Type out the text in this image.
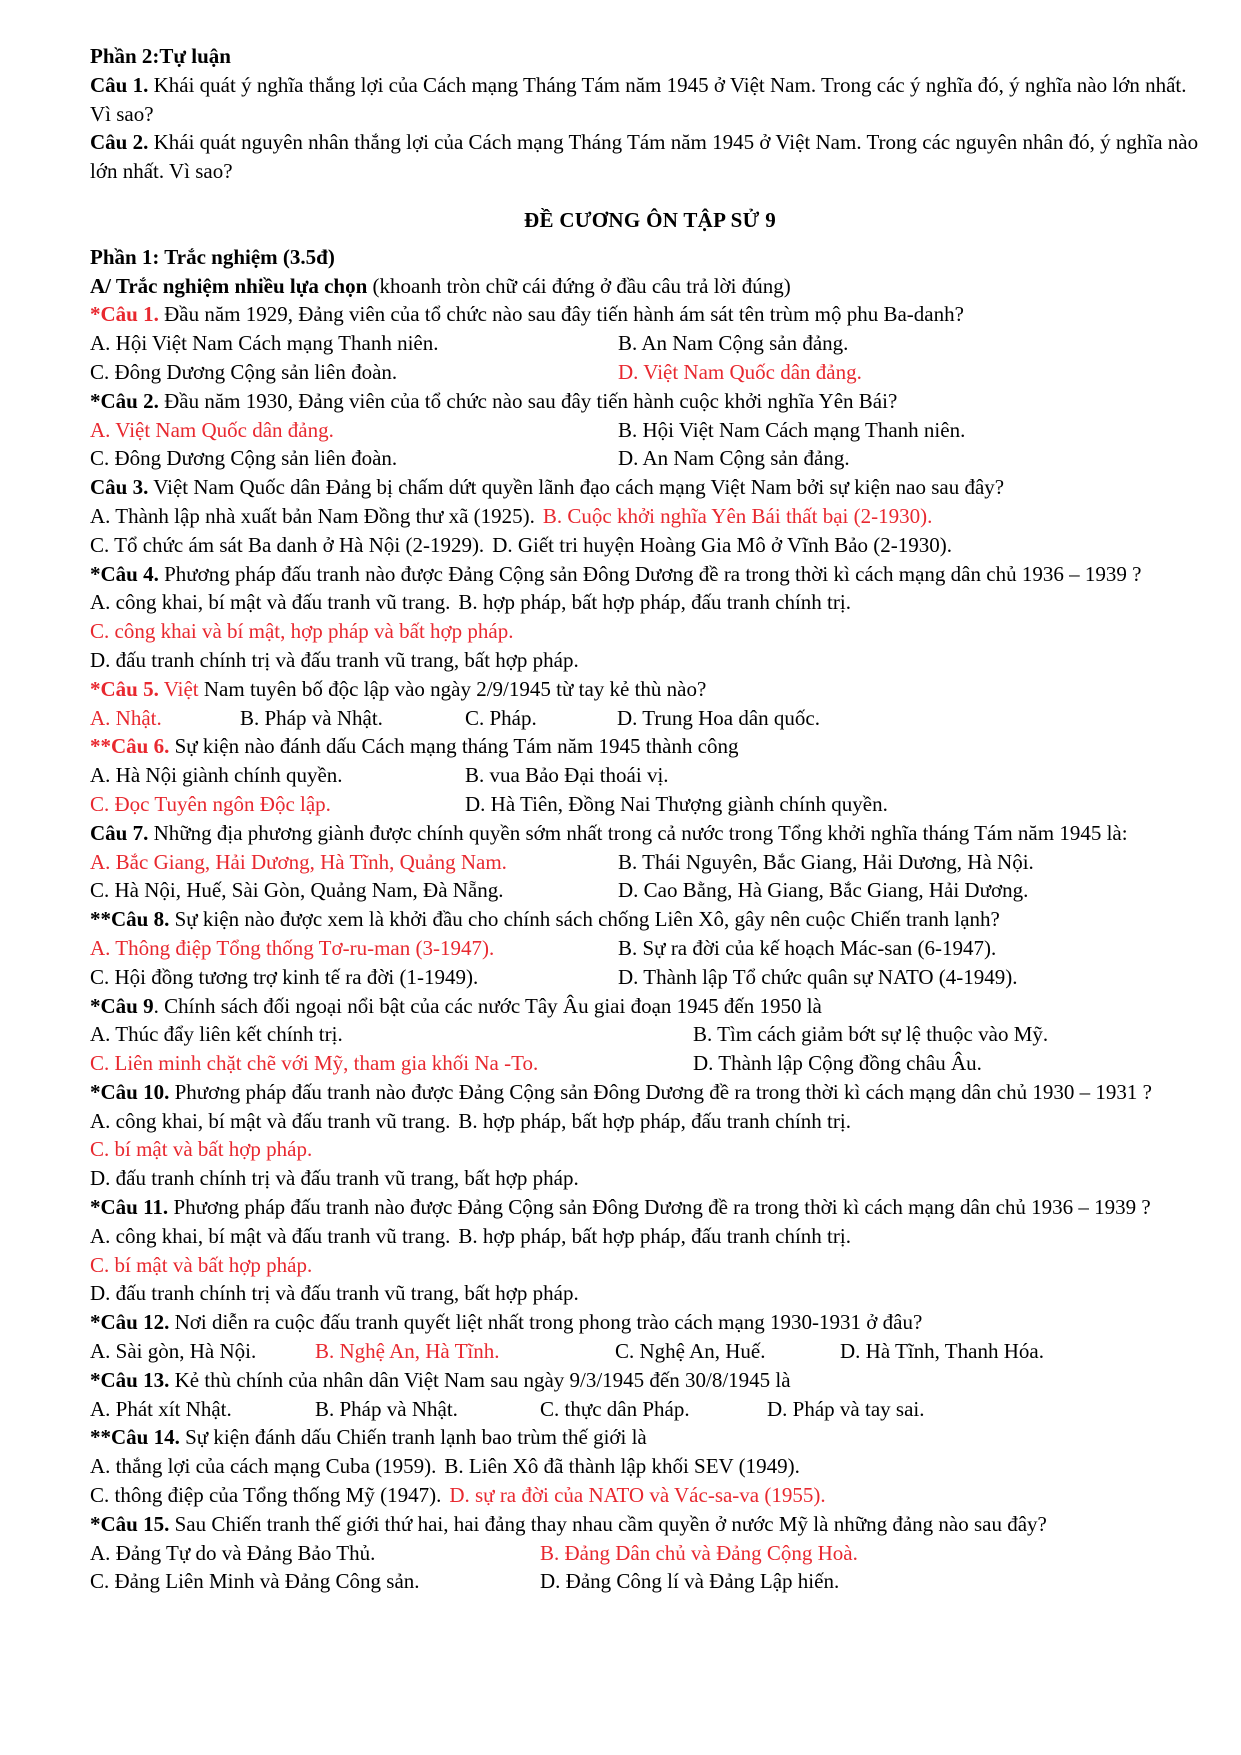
Phần 2:Tự luận
Câu 1. Khái quát ý nghĩa thắng lợi của Cách mạng Tháng Tám năm 1945 ở Việt Nam. Trong các ý nghĩa đó, ý nghĩa nào lớn nhất. Vì sao?
Câu 2. Khái quát nguyên nhân thắng lợi của Cách mạng Tháng Tám năm 1945 ở Việt Nam. Trong các nguyên nhân đó, ý nghĩa nào lớn nhất. Vì sao?
ĐỀ CƯƠNG ÔN TẬP SỬ 9
Phần 1: Trắc nghiệm (3.5đ)
A/ Trắc nghiệm nhiều lựa chọn (khoanh tròn chữ cái đứng ở đầu câu trả lời đúng)
*Câu 1. Đầu năm 1929, Đảng viên của tổ chức nào sau đây tiến hành ám sát tên trùm mộ phu Ba-danh?
A. Hội Việt Nam Cách mạng Thanh niên.	B. An Nam Cộng sản đảng.
C. Đông Dương Cộng sản liên đoàn.	D. Việt Nam Quốc dân đảng.
*Câu 2. Đầu năm 1930, Đảng viên của tổ chức nào sau đây tiến hành cuộc khởi nghĩa Yên Bái?
A. Việt Nam Quốc dân đảng.	B. Hội Việt Nam Cách mạng Thanh niên.
C. Đông Dương Cộng sản liên đoàn.	D. An Nam Cộng sản đảng.
Câu 3. Việt Nam Quốc dân Đảng bị chấm dứt quyền lãnh đạo cách mạng Việt Nam bởi sự kiện nao sau đây?
A. Thành lập nhà xuất bản Nam Đồng thư xã (1925). B. Cuộc khởi nghĩa Yên Bái thất bại (2-1930).
C. Tổ chức ám sát Ba danh ở Hà Nội (2-1929). D. Giết tri huyện Hoàng Gia Mô ở Vĩnh Bảo (2-1930).
*Câu 4. Phương pháp đấu tranh nào được Đảng Cộng sản Đông Dương đề ra trong thời kì cách mạng dân chủ 1936 – 1939 ?
A. công khai, bí mật và đấu tranh vũ trang. B. hợp pháp, bất hợp pháp, đấu tranh chính trị.
C. công khai và bí mật, hợp pháp và bất hợp pháp.
D. đấu tranh chính trị và đấu tranh vũ trang, bất hợp pháp.
*Câu 5. Việt Nam tuyên bố độc lập vào ngày 2/9/1945 từ tay kẻ thù nào?
A. Nhật.	B. Pháp và Nhật.	C. Pháp.	D. Trung Hoa dân quốc.
**Câu 6. Sự kiện nào đánh dấu Cách mạng tháng Tám năm 1945 thành công
A. Hà Nội giành chính quyền.	B. vua Bảo Đại thoái vị.
C. Đọc Tuyên ngôn Độc lập.	D. Hà Tiên, Đồng Nai Thượng giành chính quyền.
Câu 7. Những địa phương giành được chính quyền sớm nhất trong cả nước trong Tổng khởi nghĩa tháng Tám năm 1945 là:
A. Bắc Giang, Hải Dương, Hà Tĩnh, Quảng Nam.	B. Thái Nguyên, Bắc Giang, Hải Dương, Hà Nội.
C. Hà Nội, Huế, Sài Gòn, Quảng Nam, Đà Nẵng.	D. Cao Bằng, Hà Giang, Bắc Giang, Hải Dương.
**Câu 8. Sự kiện nào được xem là khởi đầu cho chính sách chống Liên Xô, gây nên cuộc Chiến tranh lạnh?
A. Thông điệp Tổng thống Tơ-ru-man (3-1947).	B. Sự ra đời của kế hoạch Mác-san (6-1947).
C. Hội đồng tương trợ kinh tế ra đời (1-1949).	D. Thành lập Tổ chức quân sự NATO (4-1949).
*Câu 9. Chính sách đối ngoại nổi bật của các nước Tây Âu giai đoạn 1945 đến 1950 là
A. Thúc đẩy liên kết chính trị.	B. Tìm cách giảm bớt sự lệ thuộc vào Mỹ.
C. Liên minh chặt chẽ với Mỹ, tham gia khối Na -To.	D. Thành lập Cộng đồng châu Âu.
*Câu 10. Phương pháp đấu tranh nào được Đảng Cộng sản Đông Dương đề ra trong thời kì cách mạng dân chủ 1930 – 1931 ?
A. công khai, bí mật và đấu tranh vũ trang. B. hợp pháp, bất hợp pháp, đấu tranh chính trị.
C. bí mật và bất hợp pháp.
D. đấu tranh chính trị và đấu tranh vũ trang, bất hợp pháp.
*Câu 11. Phương pháp đấu tranh nào được Đảng Cộng sản Đông Dương đề ra trong thời kì cách mạng dân chủ 1936 – 1939 ?
A. công khai, bí mật và đấu tranh vũ trang. B. hợp pháp, bất hợp pháp, đấu tranh chính trị.
C. bí mật và bất hợp pháp.
D. đấu tranh chính trị và đấu tranh vũ trang, bất hợp pháp.
*Câu 12. Nơi diễn ra cuộc đấu tranh quyết liệt nhất trong phong trào cách mạng 1930-1931 ở đâu?
A. Sài gòn, Hà Nội.	B. Nghệ An, Hà Tĩnh.	C. Nghệ An, Huế.	D. Hà Tĩnh, Thanh Hóa.
*Câu 13. Kẻ thù chính của nhân dân Việt Nam sau ngày 9/3/1945 đến 30/8/1945 là
A. Phát xít Nhật.	B. Pháp và Nhật.	C. thực dân Pháp.	D. Pháp và tay sai.
**Câu 14. Sự kiện đánh dấu Chiến tranh lạnh bao trùm thế giới là
A. thắng lợi của cách mạng Cuba (1959). B. Liên Xô đã thành lập khối SEV (1949).
C. thông điệp của Tổng thống Mỹ (1947). D. sự ra đời của NATO và Vác-sa-va (1955).
*Câu 15. Sau Chiến tranh thế giới thứ hai, hai đảng thay nhau cầm quyền ở nước Mỹ là những đảng nào sau đây?
A. Đảng Tự do và Đảng Bảo Thủ.	B. Đảng Dân chủ và Đảng Cộng Hoà.
C. Đảng Liên Minh và Đảng Công sản.	D. Đảng Công lí và Đảng Lập hiến.
